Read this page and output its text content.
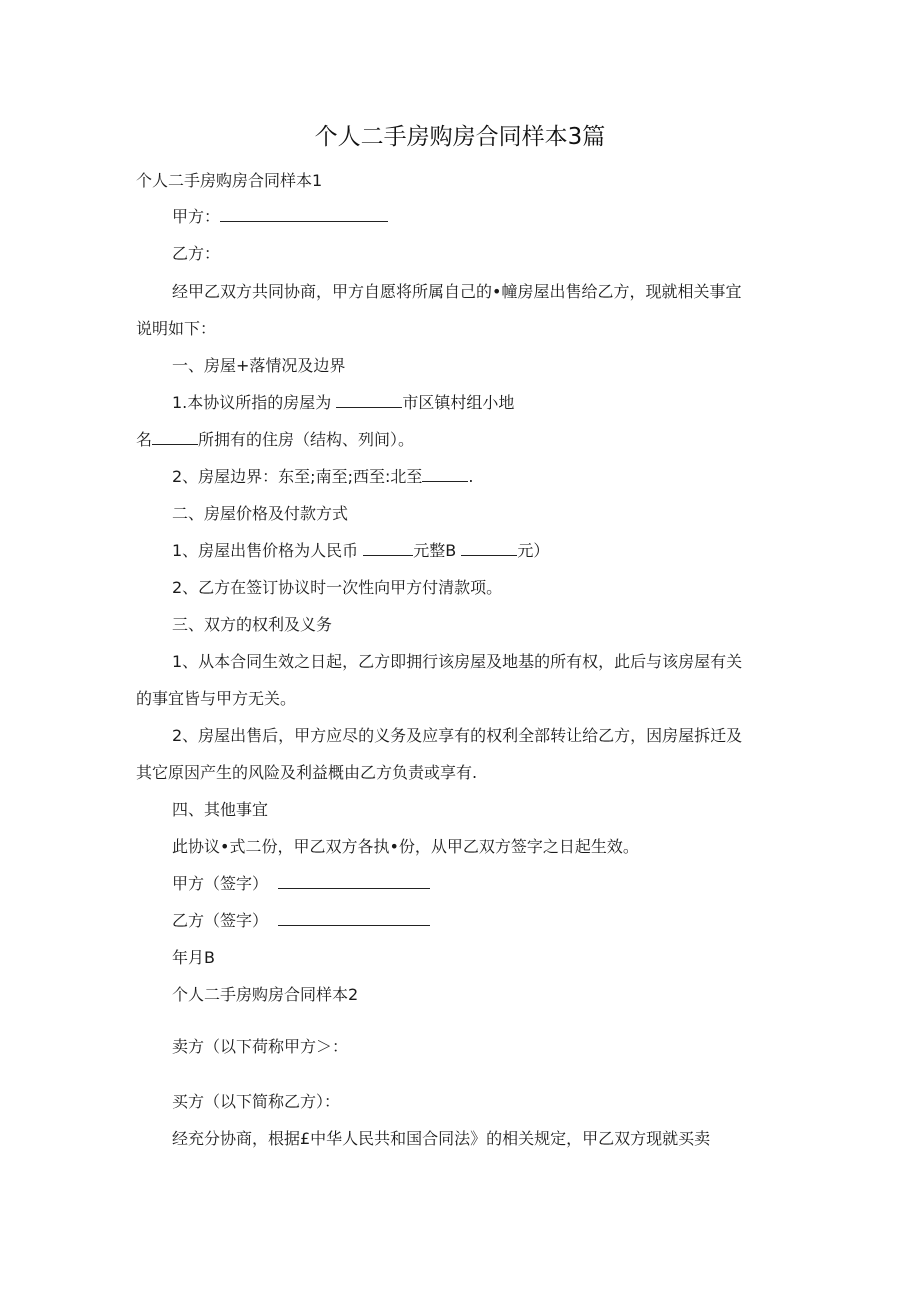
个人二手房购房合同样本3篇
个人二手房购房合同样本1
甲方：
乙方：
经甲乙双方共同协商，甲方自愿将所属自己的•幢房屋出售给乙方，现就相关事宜
说明如下：
一、房屋+落情况及边界
1.本协议所指的房屋为	市区镇村组小地
名	所拥有的住房（结构、列间）。
2、房屋边界：东至;南至;西至:北至	.
二、房屋价格及付款方式
1、房屋出售价格为人民币	元整B	元）
2、乙方在签订协议时一次性向甲方付清款项。
三、双方的权利及义务
1、从本合同生效之日起，乙方即拥行该房屋及地基的所有权，此后与该房屋有关
的事宜皆与甲方无关。
2、房屋出售后，甲方应尽的义务及应享有的权利全部转让给乙方，因房屋拆迁及
其它原因产生的风险及利益概由乙方负责或享有.
四、其他事宜
此协议•式二份，甲乙双方各执•份，从甲乙双方签字之日起生效。
甲方（签字）
乙方（签字）
年月B
个人二手房购房合同样本2
卖方（以下荷称甲方＞：
买方（以下简称乙方）：
经充分协商，根据£中华人民共和国合同法》的相关规定，甲乙双方现就买卖
